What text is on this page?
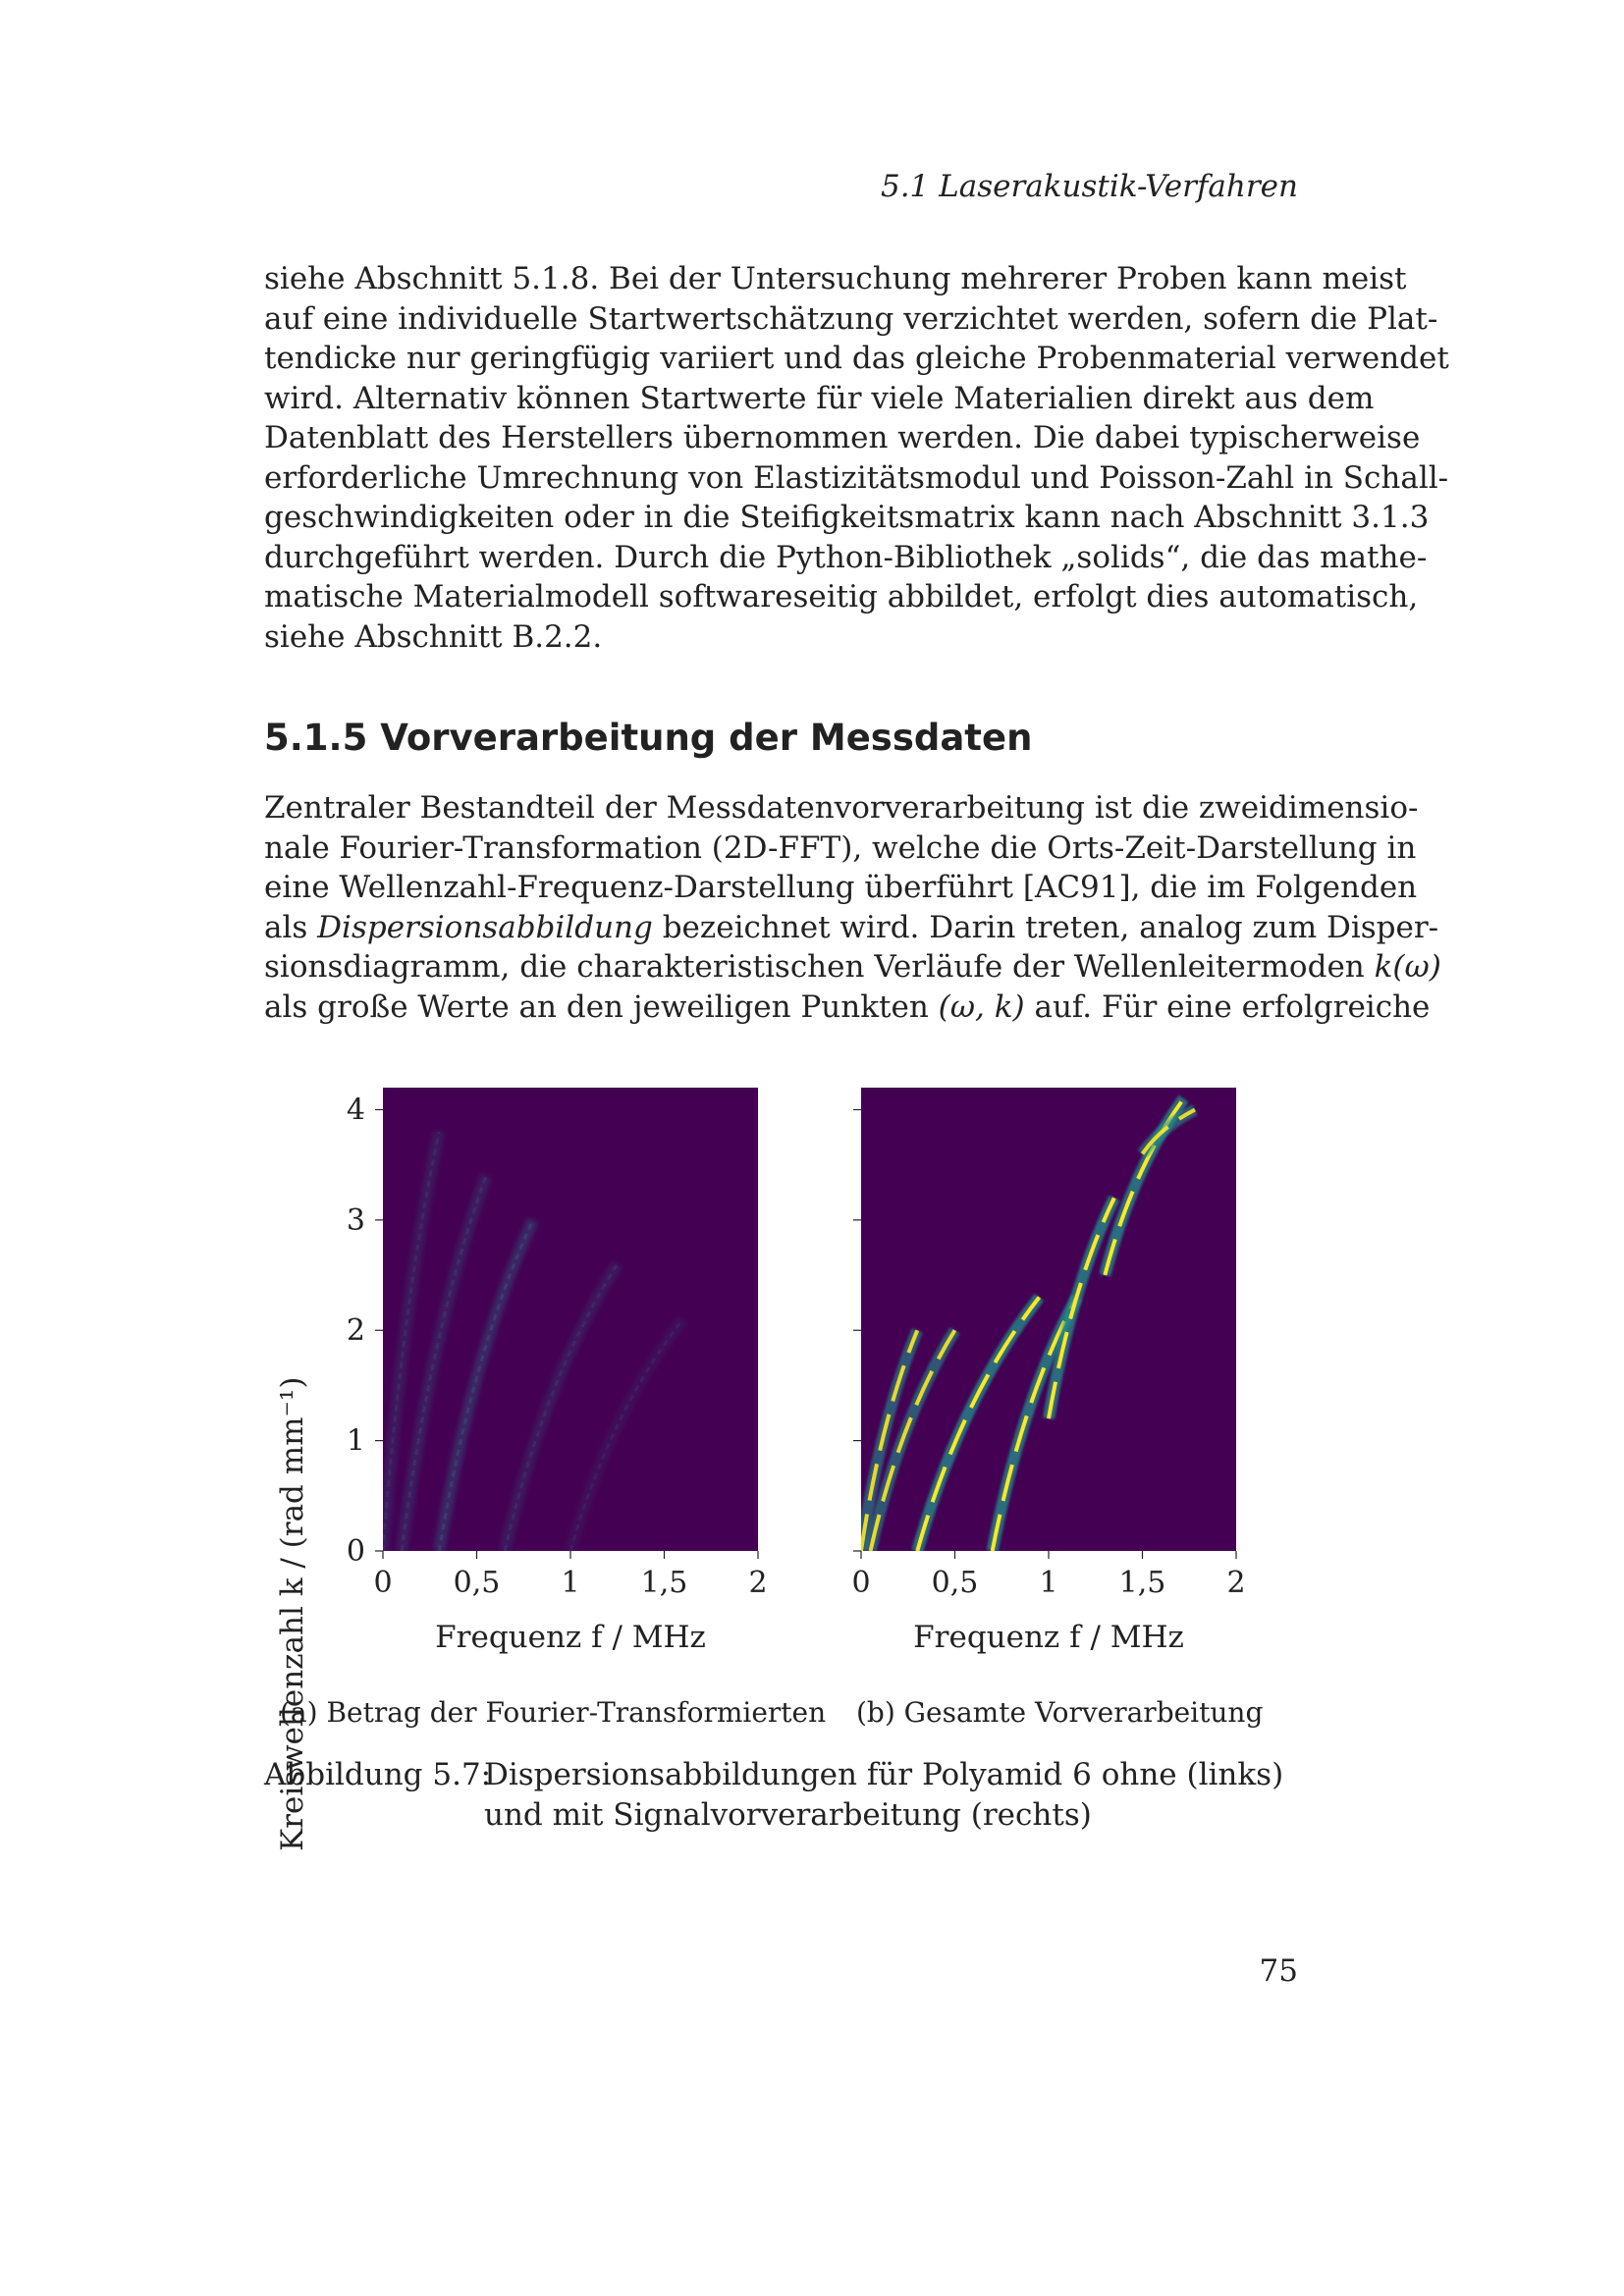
5.1 Laserakustik-Verfahren
siehe Abschnitt 5.1.8. Bei der Untersuchung mehrerer Proben kann meist
auf eine individuelle Startwertschätzung verzichtet werden, sofern die Plat-
tendicke nur geringfügig variiert und das gleiche Probenmaterial verwendet
wird. Alternativ können Startwerte für viele Materialien direkt aus dem
Datenblatt des Herstellers übernommen werden. Die dabei typischerweise
erforderliche Umrechnung von Elastizitätsmodul und Poisson-Zahl in Schall-
geschwindigkeiten oder in die Steifigkeitsmatrix kann nach Abschnitt 3.1.3
durchgeführt werden. Durch die Python-Bibliothek „solids“, die das mathe-
matische Materialmodell softwareseitig abbildet, erfolgt dies automatisch,
siehe Abschnitt B.2.2.
5.1.5 Vorverarbeitung der Messdaten
Zentraler Bestandteil der Messdatenvorverarbeitung ist die zweidimensio-
nale Fourier-Transformation (2D-FFT), welche die Orts-Zeit-Darstellung in
eine Wellenzahl-Frequenz-Darstellung überführt [AC91], die im Folgenden
als Dispersionsabbildung bezeichnet wird. Darin treten, analog zum Disper-
sionsdiagramm, die charakteristischen Verläufe der Wellenleitermoden k(ω)
als große Werte an den jeweiligen Punkten (ω, k) auf. Für eine erfolgreiche
0 0,5 1 1,5 2
0
1
2
3
4
0 0,5 1 1,5 2
Frequenz f / MHz	Frequenz f / MHz
Kreiswellenzahl k / (rad mm⁻¹)
(a) Betrag der Fourier-Transformierten (b) Gesamte Vorverarbeitung
Abbildung 5.7:
Dispersionsabbildungen für Polyamid 6 ohne (links) und mit Signalvorverarbeitung (rechts)
75
